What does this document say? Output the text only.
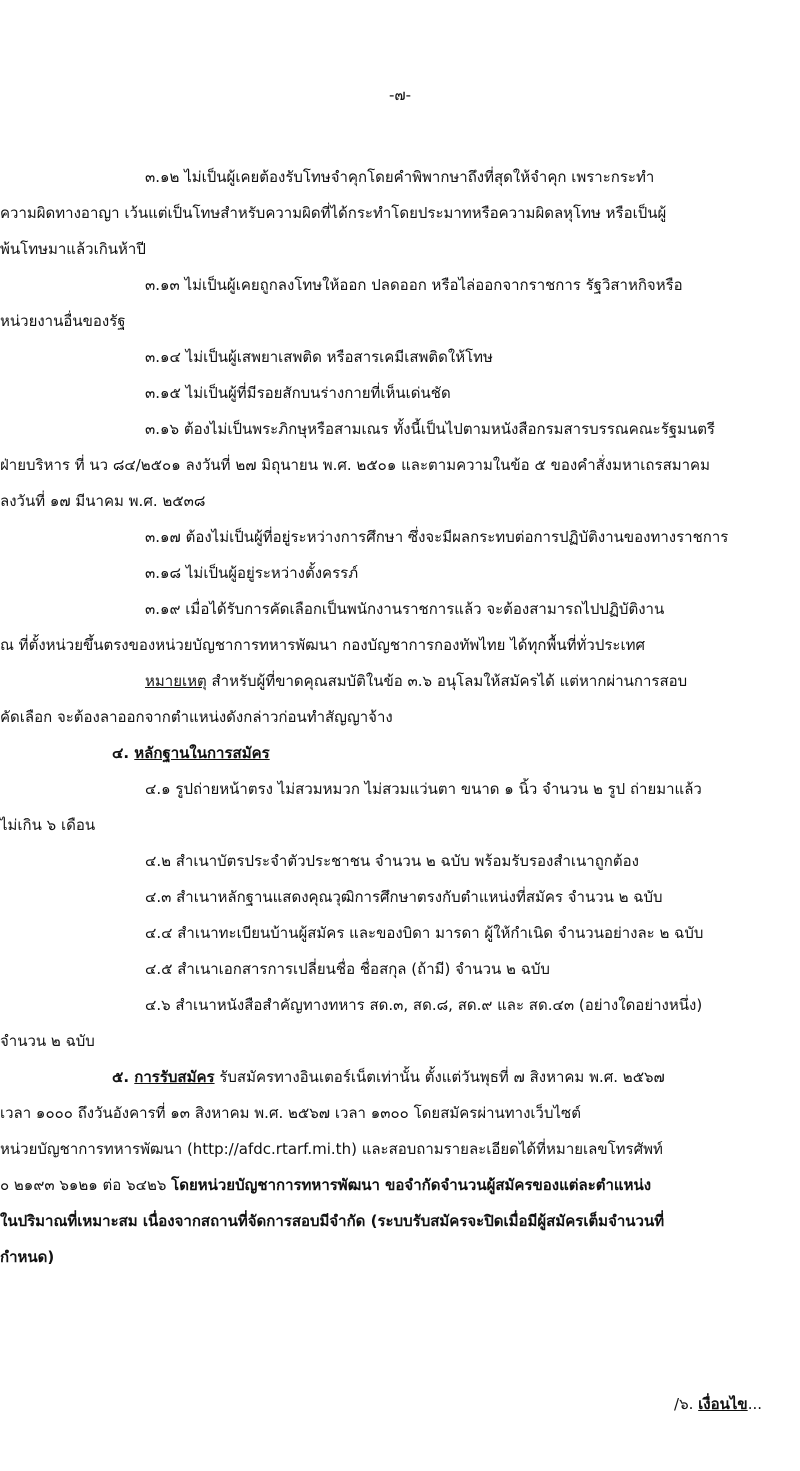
-๗-
๓.๑๒ ไม่เป็นผู้เคยต้องรับโทษจำคุกโดยคำพิพากษาถึงที่สุดให้จำคุก เพราะกระทำ
ความผิดทางอาญา เว้นแต่เป็นโทษสำหรับความผิดที่ได้กระทำโดยประมาทหรือความผิดลหุโทษ หรือเป็นผู้
พ้นโทษมาแล้วเกินห้าปี
๓.๑๓ ไม่เป็นผู้เคยถูกลงโทษให้ออก ปลดออก หรือไล่ออกจากราชการ รัฐวิสาหกิจหรือ
หน่วยงานอื่นของรัฐ
๓.๑๔ ไม่เป็นผู้เสพยาเสพติด หรือสารเคมีเสพติดให้โทษ
๓.๑๕ ไม่เป็นผู้ที่มีรอยสักบนร่างกายที่เห็นเด่นชัด
๓.๑๖ ต้องไม่เป็นพระภิกษุหรือสามเณร ทั้งนี้เป็นไปตามหนังสือกรมสารบรรณคณะรัฐมนตรี
ฝ่ายบริหาร ที่ นว ๘๔/๒๕๐๑ ลงวันที่ ๒๗ มิถุนายน พ.ศ. ๒๕๐๑ และตามความในข้อ ๕ ของคำสั่งมหาเถรสมาคม
ลงวันที่ ๑๗ มีนาคม พ.ศ. ๒๕๓๘
๓.๑๗ ต้องไม่เป็นผู้ที่อยู่ระหว่างการศึกษา ซึ่งจะมีผลกระทบต่อการปฏิบัติงานของทางราชการ
๓.๑๘ ไม่เป็นผู้อยู่ระหว่างตั้งครรภ์
๓.๑๙ เมื่อได้รับการคัดเลือกเป็นพนักงานราชการแล้ว จะต้องสามารถไปปฏิบัติงาน
ณ ที่ตั้งหน่วยขึ้นตรงของหน่วยบัญชาการทหารพัฒนา กองบัญชาการกองทัพไทย ได้ทุกพื้นที่ทั่วประเทศ
หมายเหตุ สำหรับผู้ที่ขาดคุณสมบัติในข้อ ๓.๖ อนุโลมให้สมัครได้ แต่หากผ่านการสอบ
คัดเลือก จะต้องลาออกจากตำแหน่งดังกล่าวก่อนทำสัญญาจ้าง
๔. หลักฐานในการสมัคร
๔.๑ รูปถ่ายหน้าตรง ไม่สวมหมวก ไม่สวมแว่นตา ขนาด ๑ นิ้ว จำนวน ๒ รูป ถ่ายมาแล้ว
ไม่เกิน ๖ เดือน
๔.๒ สำเนาบัตรประจำตัวประชาชน จำนวน ๒ ฉบับ พร้อมรับรองสำเนาถูกต้อง
๔.๓ สำเนาหลักฐานแสดงคุณวุฒิการศึกษาตรงกับตำแหน่งที่สมัคร จำนวน ๒ ฉบับ
๔.๔ สำเนาทะเบียนบ้านผู้สมัคร และของบิดา มารดา ผู้ให้กำเนิด จำนวนอย่างละ ๒ ฉบับ
๔.๕ สำเนาเอกสารการเปลี่ยนชื่อ ชื่อสกุล (ถ้ามี) จำนวน ๒ ฉบับ
๔.๖ สำเนาหนังสือสำคัญทางทหาร สด.๓, สด.๘, สด.๙ และ สด.๔๓ (อย่างใดอย่างหนึ่ง)
จำนวน ๒ ฉบับ
๕. การรับสมัคร รับสมัครทางอินเตอร์เน็ตเท่านั้น ตั้งแต่วันพุธที่ ๗ สิงหาคม พ.ศ. ๒๕๖๗
เวลา ๑๐๐๐ ถึงวันอังคารที่ ๑๓ สิงหาคม พ.ศ. ๒๕๖๗ เวลา ๑๓๐๐ โดยสมัครผ่านทางเว็บไซต์
หน่วยบัญชาการทหารพัฒนา (http://afdc.rtarf.mi.th) และสอบถามรายละเอียดได้ที่หมายเลขโทรศัพท์
๐ ๒๑๙๓ ๖๑๒๑ ต่อ ๖๔๒๖ โดยหน่วยบัญชาการทหารพัฒนา ขอจำกัดจำนวนผู้สมัครของแต่ละตำแหน่ง
ในปริมาณที่เหมาะสม เนื่องจากสถานที่จัดการสอบมีจำกัด (ระบบรับสมัครจะปิดเมื่อมีผู้สมัครเต็มจำนวนที่
กำหนด)
/๖. เงื่อนไข...
